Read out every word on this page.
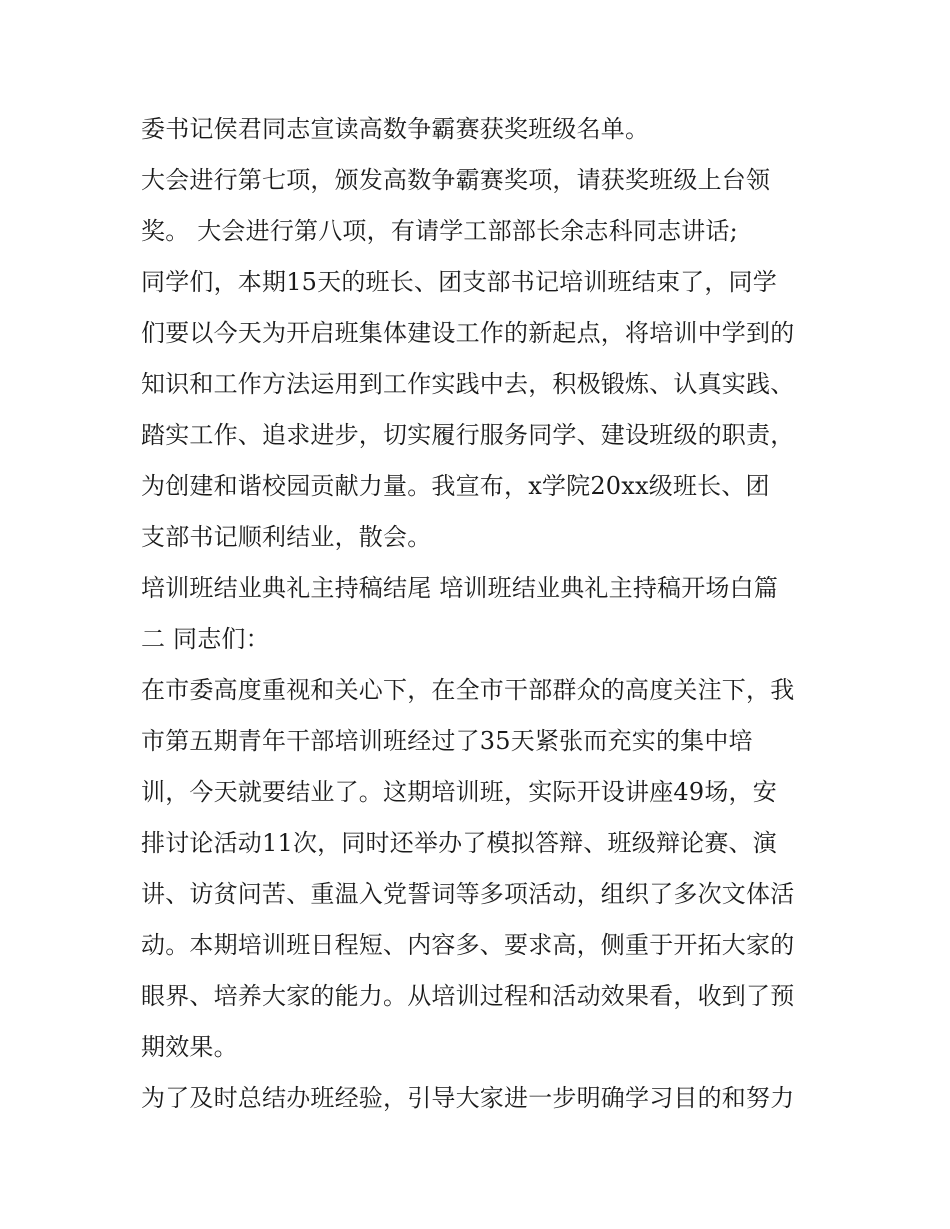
委书记侯君同志宣读高数争霸赛获奖班级名单。
大会进行第七项，颁发高数争霸赛奖项，请获奖班级上台领
奖。 大会进行第八项，有请学工部部长余志科同志讲话;
同学们，本期15天的班长、团支部书记培训班结束了，同学
们要以今天为开启班集体建设工作的新起点，将培训中学到的
知识和工作方法运用到工作实践中去，积极锻炼、认真实践、
踏实工作、追求进步，切实履行服务同学、建设班级的职责，
为创建和谐校园贡献力量。我宣布，x学院20xx级班长、团
支部书记顺利结业，散会。
培训班结业典礼主持稿结尾 培训班结业典礼主持稿开场白篇
二 同志们：
在市委高度重视和关心下，在全市干部群众的高度关注下，我
市第五期青年干部培训班经过了35天紧张而充实的集中培
训，今天就要结业了。这期培训班，实际开设讲座49场，安
排讨论活动11次，同时还举办了模拟答辩、班级辩论赛、演
讲、访贫问苦、重温入党誓词等多项活动，组织了多次文体活
动。本期培训班日程短、内容多、要求高，侧重于开拓大家的
眼界、培养大家的能力。从培训过程和活动效果看，收到了预
期效果。
为了及时总结办班经验，引导大家进一步明确学习目的和努力
